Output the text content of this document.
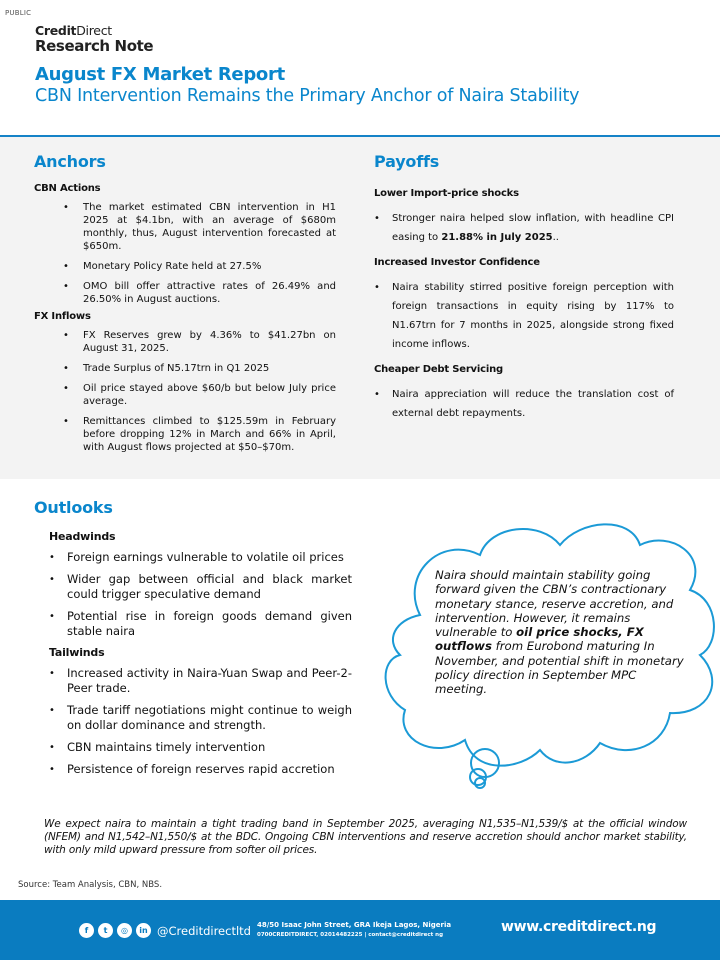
PUBLIC
CreditDirect
Research Note
August FX Market Report
CBN Intervention Remains the Primary Anchor of Naira Stability
Anchors
CBN Actions
• The market estimated CBN intervention in H1 2025 at $4.1bn, with an average of $680m monthly, thus, August intervention forecasted at $650m.
• Monetary Policy Rate held at 27.5%
• OMO bill offer attractive rates of 26.49% and 26.50% in August auctions.
FX Inflows
• FX Reserves grew by 4.36% to $41.27bn on August 31, 2025.
• Trade Surplus of N5.17trn in Q1 2025
• Oil price stayed above $60/b but below July price average.
• Remittances climbed to $125.59m in February before dropping 12% in March and 66% in April, with August flows projected at $50–$70m.
Payoffs
Lower Import-price shocks
• Stronger naira helped slow inflation, with headline CPI easing to 21.88% in July 2025..
Increased Investor Confidence
• Naira stability stirred positive foreign perception with foreign transactions in equity rising by 117% to N1.67trn for 7 months in 2025, alongside strong fixed income inflows.
Cheaper Debt Servicing
• Naira appreciation will reduce the translation cost of external debt repayments.
Outlooks
Headwinds
• Foreign earnings vulnerable to volatile oil prices
• Wider gap between official and black market could trigger speculative demand
• Potential rise in foreign goods demand given stable naira
Tailwinds
• Increased activity in Naira-Yuan Swap and Peer-2-Peer trade.
• Trade tariff negotiations might continue to weigh on dollar dominance and strength.
• CBN maintains timely intervention
• Persistence of foreign reserves rapid accretion
Naira should maintain stability going forward given the CBN’s contractionary monetary stance, reserve accretion, and intervention. However, it remains vulnerable to oil price shocks, FX outflows from Eurobond maturing In November, and potential shift in monetary policy direction in September MPC meeting.

We expect naira to maintain a tight trading band in September 2025, averaging N1,535–N1,539/$ at the official window (NFEM) and N1,542–N1,550/$ at the BDC. Ongoing CBN interventions and reserve accretion should anchor market stability, with only mild upward pressure from softer oil prices.

Source: Team Analysis, CBN, NBS.
f	t	◎	in @Creditdirectltd 48/50 Isaac John Street, GRA Ikeja Lagos, Nigeria
0700CREDITDIRECT, 02014482225 | contact@creditdirect ng	www.creditdirect.ng
